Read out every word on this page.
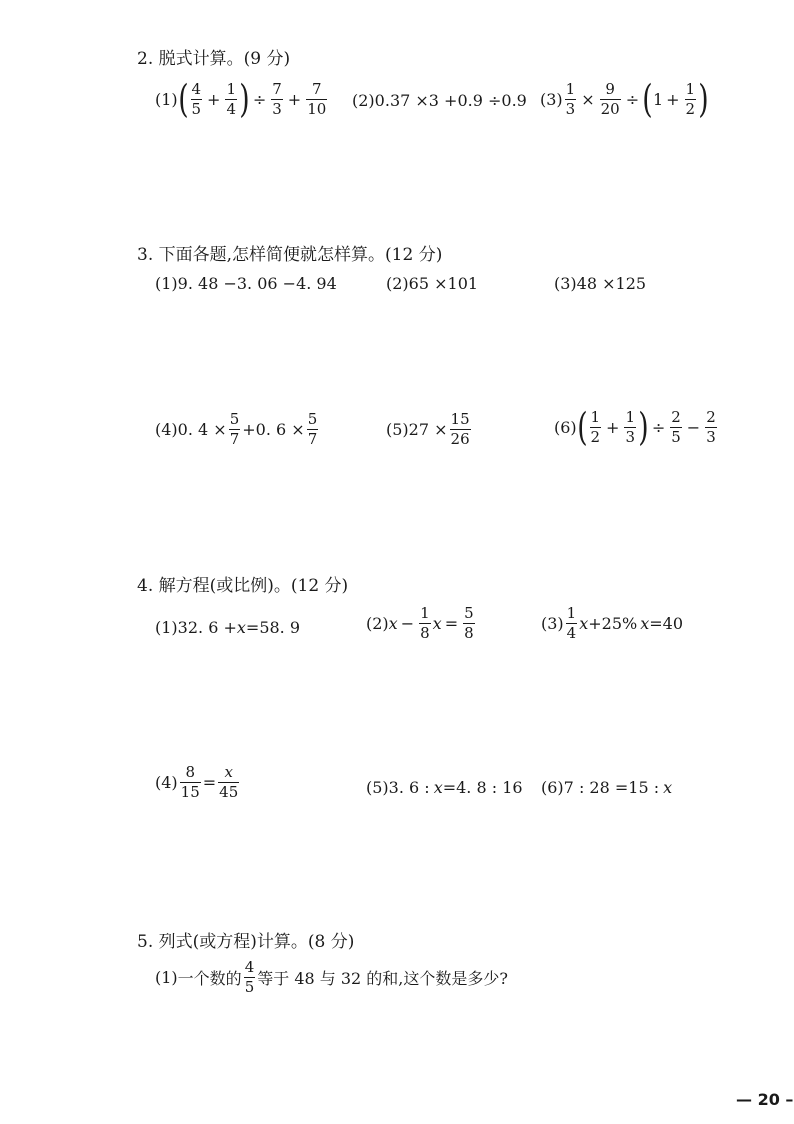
2. 脱式计算。(9 分)
(1) ( $\frac{4}{5} + \frac{1}{4}$ ) ÷ $\frac{7}{3} + \frac{7}{10} (2)$ 0.37 ×3 +0.9 ÷0.9 $(3) \frac{1}{3} \times \frac{9}{20}$ ÷ ( $1 + \frac{1}{2}$ )
3. 下面各题,怎样简便就怎样算。(12 分)
(1) 9. 48 −3. 06 −4. 94	(2) 65 ×101	(3) 48 ×125
(4) 0. $4 \times \frac{5}{7} +0$. $6 \times \frac{5}{7}$	(5) $27 \times \frac{15}{26}$	(6) ( $\frac{1}{2} + \frac{1}{3}$ ) ÷ $\frac{2}{5} - \frac{2}{3}$
4. 解方程(或比例)。(12 分)
(1) 32. 6 + x =58. 9	(2) $x - \frac{1}{8}$ $x = \frac{5}{8}$	$(3) \frac{1}{4}$ x +25% x =40
$(4) \frac{8}{15} = \frac{x}{45}$	(5) 3. 6 : x =4. 8 : 16 (6) 7 : 28 =15 : x
5. 列式(或方程)计算。(8 分)
(1) 一个数的 $\frac{4}{5}$ 等于 48 与 32 的和,这个数是多少?
— 20 –
